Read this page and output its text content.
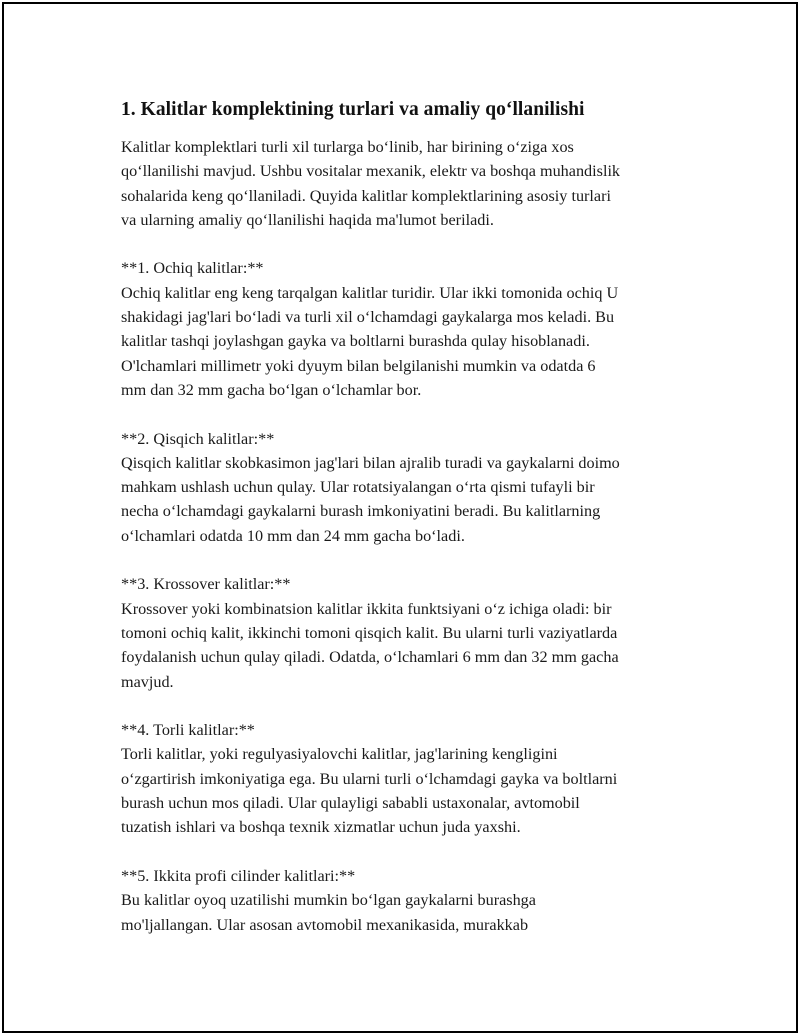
1. Kalitlar komplektining turlari va amaliy qo‘llanilishi

Kalitlar komplektlari turli xil turlarga bo‘linib, har birining o‘ziga xos
qo‘llanilishi mavjud. Ushbu vositalar mexanik, elektr va boshqa muhandislik
sohalarida keng qo‘llaniladi. Quyida kalitlar komplektlarining asosiy turlari
va ularning amaliy qo‘llanilishi haqida ma'lumot beriladi.
**1. Ochiq kalitlar:**
Ochiq kalitlar eng keng tarqalgan kalitlar turidir. Ular ikki tomonida ochiq U
shakidagi jag'lari bo‘ladi va turli xil o‘lchamdagi gaykalarga mos keladi. Bu
kalitlar tashqi joylashgan gayka va boltlarni burashda qulay hisoblanadi.
O'lchamlari millimetr yoki dyuym bilan belgilanishi mumkin va odatda 6
mm dan 32 mm gacha bo‘lgan o‘lchamlar bor.
**2. Qisqich kalitlar:**
Qisqich kalitlar skobkasimon jag'lari bilan ajralib turadi va gaykalarni doimo
mahkam ushlash uchun qulay. Ular rotatsiyalangan o‘rta qismi tufayli bir
necha o‘lchamdagi gaykalarni burash imkoniyatini beradi. Bu kalitlarning
o‘lchamlari odatda 10 mm dan 24 mm gacha bo‘ladi.
**3. Krossover kalitlar:**
Krossover yoki kombinatsion kalitlar ikkita funktsiyani o‘z ichiga oladi: bir
tomoni ochiq kalit, ikkinchi tomoni qisqich kalit. Bu ularni turli vaziyatlarda
foydalanish uchun qulay qiladi. Odatda, o‘lchamlari 6 mm dan 32 mm gacha
mavjud.
**4. Torli kalitlar:**
Torli kalitlar, yoki regulyasiyalovchi kalitlar, jag'larining kengligini
o‘zgartirish imkoniyatiga ega. Bu ularni turli o‘lchamdagi gayka va boltlarni
burash uchun mos qiladi. Ular qulayligi sababli ustaxonalar, avtomobil
tuzatish ishlari va boshqa texnik xizmatlar uchun juda yaxshi.
**5. Ikkita profi cilinder kalitlari:**
Bu kalitlar oyoq uzatilishi mumkin bo‘lgan gaykalarni burashga
mo'ljallangan. Ular asosan avtomobil mexanikasida, murakkab
